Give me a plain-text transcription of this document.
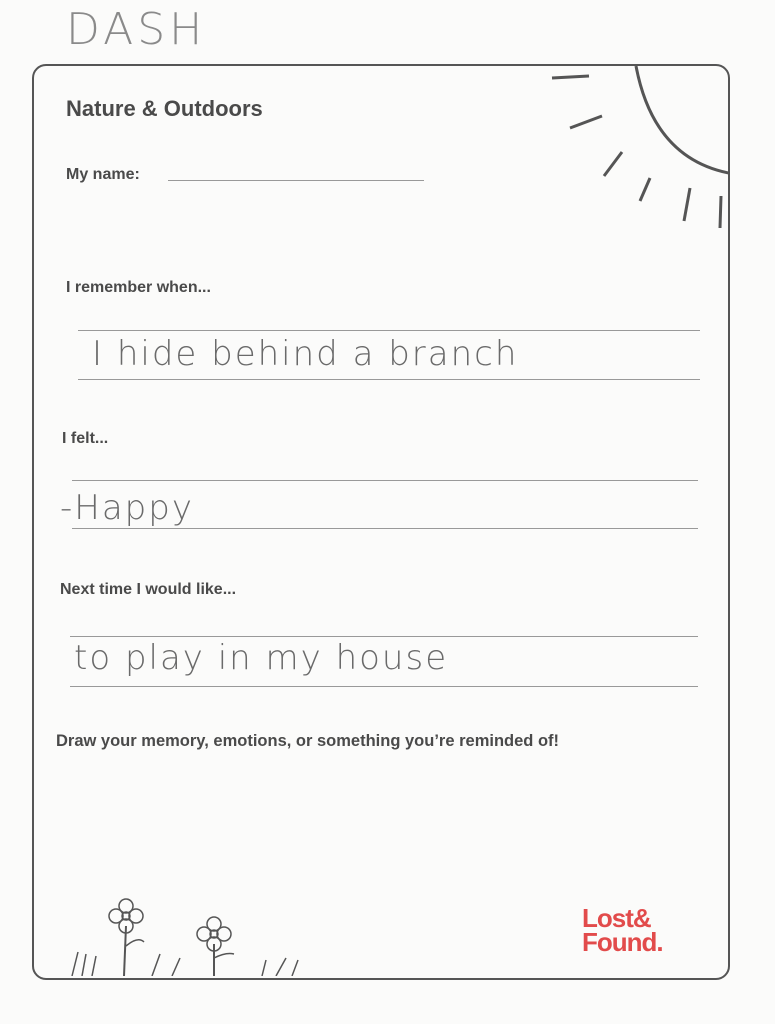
DASH
Nature & Outdoors
My name:
I remember when...
I hide behind a branch
I felt...
-Happy
Next time I would like...
to play in my house
Draw your memory, emotions, or something you’re reminded of!
Lost&
Found.
